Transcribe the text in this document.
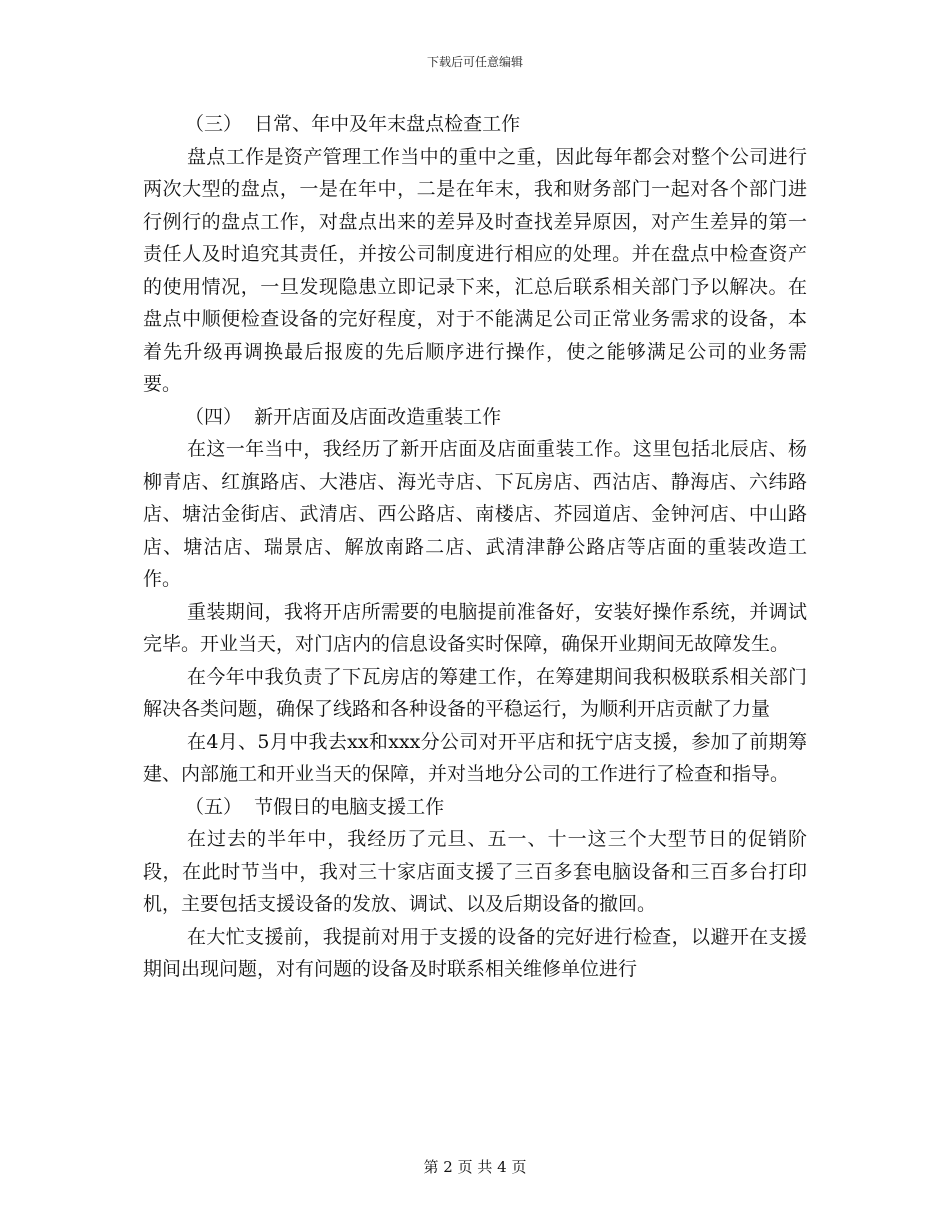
下载后可任意编辑

（三）  日常、年中及年末盘点检查工作

盘点工作是资产管理工作当中的重中之重，因此每年都会对整个公司进行两次大型的盘点，一是在年中，二是在年末，我和财务部门一起对各个部门进行例行的盘点工作，对盘点出来的差异及时查找差异原因，对产生差异的第一责任人及时追究其责任，并按公司制度进行相应的处理。并在盘点中检查资产的使用情况，一旦发现隐患立即记录下来，汇总后联系相关部门予以解决。在盘点中顺便检查设备的完好程度，对于不能满足公司正常业务需求的设备，本着先升级再调换最后报废的先后顺序进行操作，使之能够满足公司的业务需要。

（四）  新开店面及店面改造重装工作

在这一年当中，我经历了新开店面及店面重装工作。这里包括北辰店、杨柳青店、红旗路店、大港店、海光寺店、下瓦房店、西沽店、静海店、六纬路店、塘沽金街店、武清店、西公路店、南楼店、芥园道店、金钟河店、中山路店、塘沽店、瑞景店、解放南路二店、武清津静公路店等店面的重装改造工作。

重装期间，我将开店所需要的电脑提前准备好，安装好操作系统，并调试完毕。开业当天，对门店内的信息设备实时保障，确保开业期间无故障发生。

在今年中我负责了下瓦房店的筹建工作，在筹建期间我积极联系相关部门解决各类问题，确保了线路和各种设备的平稳运行，为顺利开店贡献了力量

在4月、5月中我去xx和xxx分公司对开平店和抚宁店支援，参加了前期筹建、内部施工和开业当天的保障，并对当地分公司的工作进行了检查和指导。

（五）  节假日的电脑支援工作

在过去的半年中，我经历了元旦、五一、十一这三个大型节日的促销阶段，在此时节当中，我对三十家店面支援了三百多套电脑设备和三百多台打印机，主要包括支援设备的发放、调试、以及后期设备的撤回。

在大忙支援前，我提前对用于支援的设备的完好进行检查，以避开在支援期间出现问题，对有问题的设备及时联系相关维修单位进行

第 2 页 共 4 页
